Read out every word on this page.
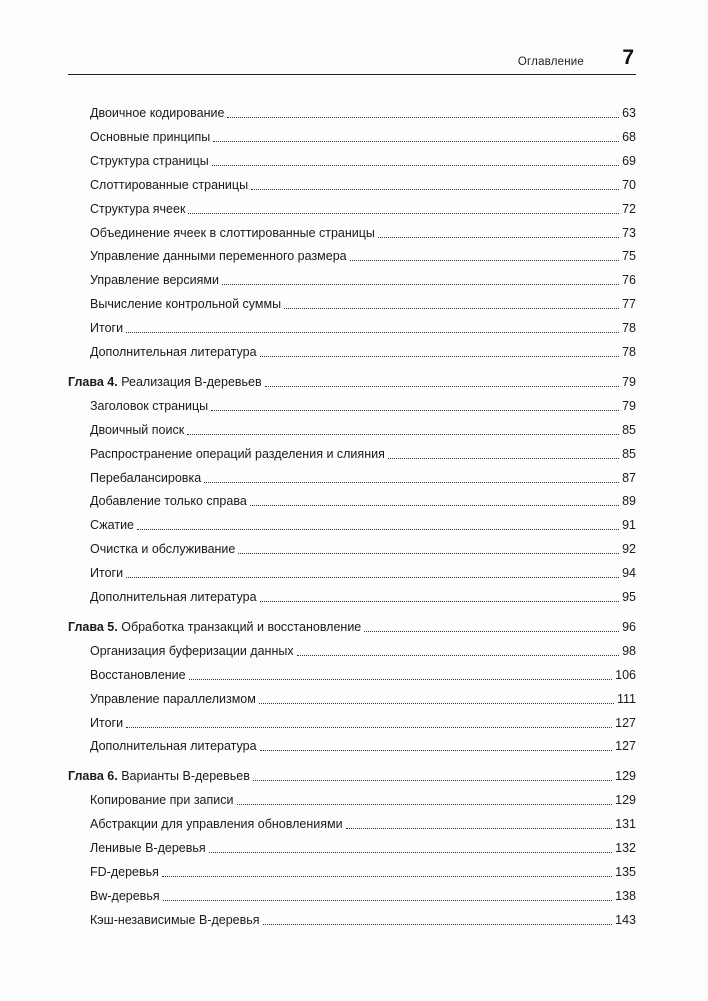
Оглавление 7
Двоичное кодирование	63
Основные принципы	68
Структура страницы	69
Слоттированные страницы	70
Структура ячеек	72
Объединение ячеек в слоттированные страницы	73
Управление данными переменного размера	75
Управление версиями	76
Вычисление контрольной суммы	77
Итоги	78
Дополнительная литература	78
Глава 4. Реализация B-деревьев	79
Заголовок страницы	79
Двоичный поиск	85
Распространение операций разделения и слияния	85
Перебалансировка	87
Добавление только справа	89
Сжатие	91
Очистка и обслуживание	92
Итоги	94
Дополнительная литература	95
Глава 5. Обработка транзакций и восстановление	96
Организация буферизации данных	98
Восстановление	106
Управление параллелизмом	111
Итоги	127
Дополнительная литература	127
Глава 6. Варианты B-деревьев	129
Копирование при записи	129
Абстракции для управления обновлениями	131
Ленивые B-деревья	132
FD-деревья	135
Bw-деревья	138
Кэш-независимые B-деревья	143
